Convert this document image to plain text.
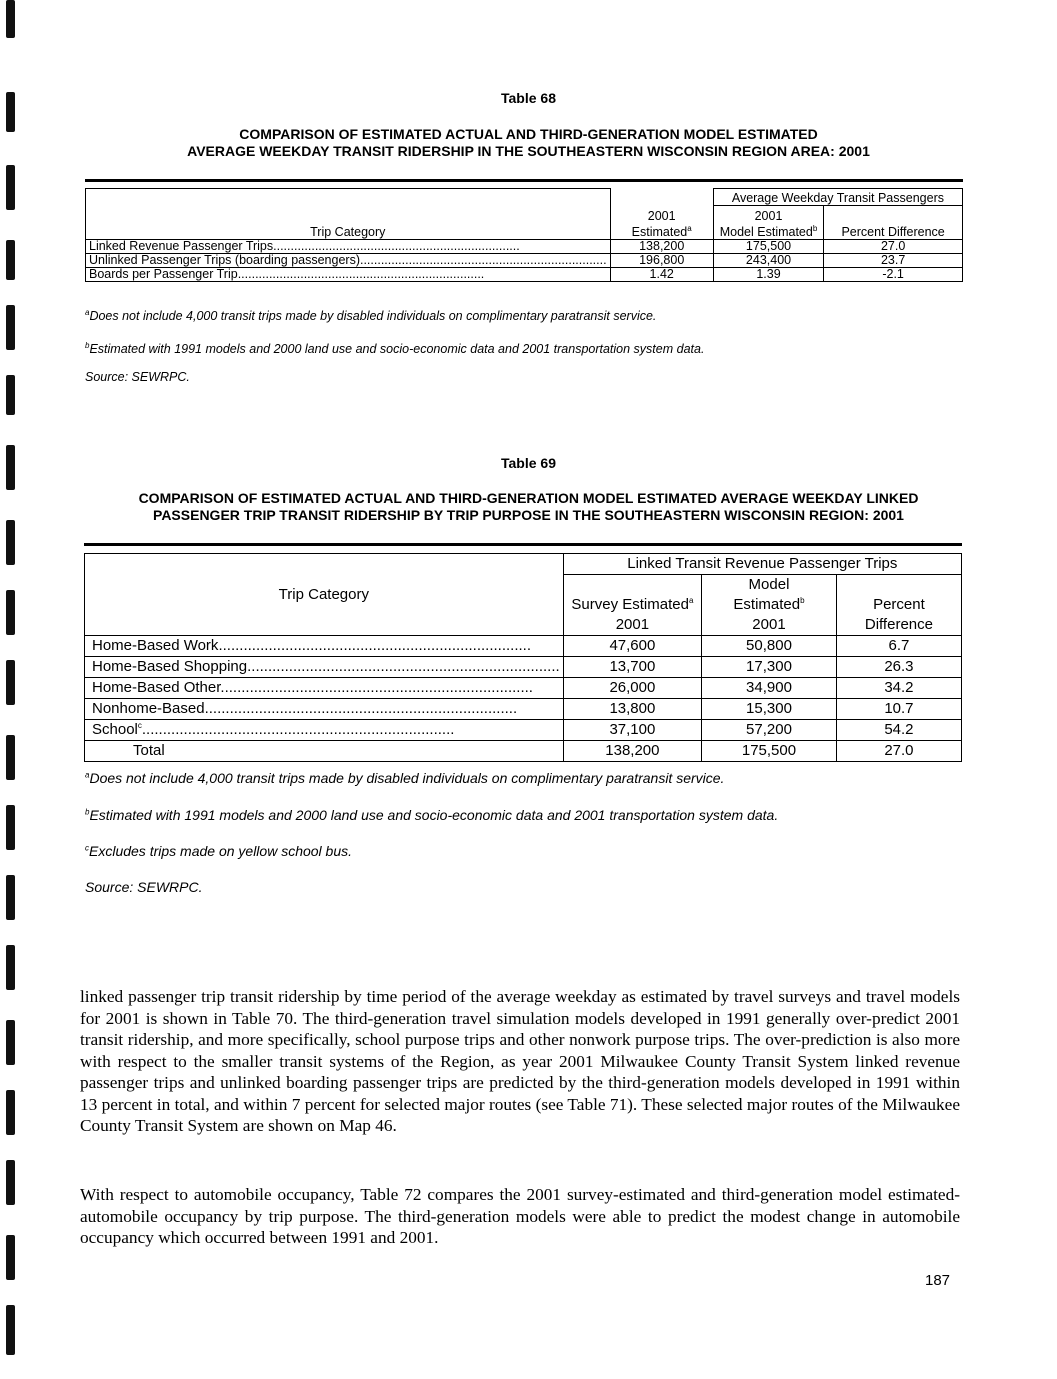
Table 68
COMPARISON OF ESTIMATED ACTUAL AND THIRD-GENERATION MODEL ESTIMATED
AVERAGE WEEKDAY TRANSIT RIDERSHIP IN THE SOUTHEASTERN WISCONSIN REGION AREA: 2001
Trip Category		Average Weekday Transit Passengers	
	2001	2001	
	Estimated$^a$	Model Estimated$^b$	Percent Difference
Linked Revenue Passenger Trips.......................................................................	138,200	175,500	27.0
Unlinked Passenger Trips (boarding passengers).......................................................................	196,800	243,400	23.7
Boards per Passenger Trip.......................................................................	1.42	1.39	-2.1
$^a$Does not include 4,000 transit trips made by disabled individuals on complimentary paratransit service.
$^b$Estimated with 1991 models and 2000 land use and socio-economic data and 2001 transportation system data.
Source: SEWRPC.
Table 69
COMPARISON OF ESTIMATED ACTUAL AND THIRD-GENERATION MODEL ESTIMATED AVERAGE WEEKDAY LINKED
PASSENGER TRIP TRANSIT RIDERSHIP BY TRIP PURPOSE IN THE SOUTHEASTERN WISCONSIN REGION: 2001
Trip Category	Linked Transit Revenue Passenger Trips		
		Model	
	Survey Estimated$^a$	Estimated$^b$	Percent
	2001	2001	Difference
Home-Based Work...........................................................................	47,600	50,800	6.7
Home-Based Shopping...........................................................................	13,700	17,300	26.3
Home-Based Other...........................................................................	26,000	34,900	34.2
Nonhome-Based...........................................................................	13,800	15,300	10.7
School$^c$...........................................................................	37,100	57,200	54.2
Total	138,200	175,500	27.0
$^a$Does not include 4,000 transit trips made by disabled individuals on complimentary paratransit service.
$^b$Estimated with 1991 models and 2000 land use and socio-economic data and 2001 transportation system data.
$^c$Excludes trips made on yellow school bus.
Source: SEWRPC.

linked passenger trip transit ridership by time period of the average weekday as estimated by travel surveys and travel models for 2001 is shown in Table 70. The third-generation travel simulation models developed in 1991 generally over-predict 2001 transit ridership, and more specifically, school purpose trips and other nonwork purpose trips. The over-prediction is also more with respect to the smaller transit systems of the Region, as year 2001 Milwaukee County Transit System linked revenue passenger trips and unlinked boarding passenger trips are predicted by the third-generation models developed in 1991 within 13 percent in total, and within 7 percent for selected major routes (see Table 71). These selected major routes of the Milwaukee County Transit System are shown on Map 46.

With respect to automobile occupancy, Table 72 compares the 2001 survey-estimated and third-generation model estimated-automobile occupancy by trip purpose. The third-generation models were able to predict the modest change in automobile occupancy which occurred between 1991 and 2001.

187
